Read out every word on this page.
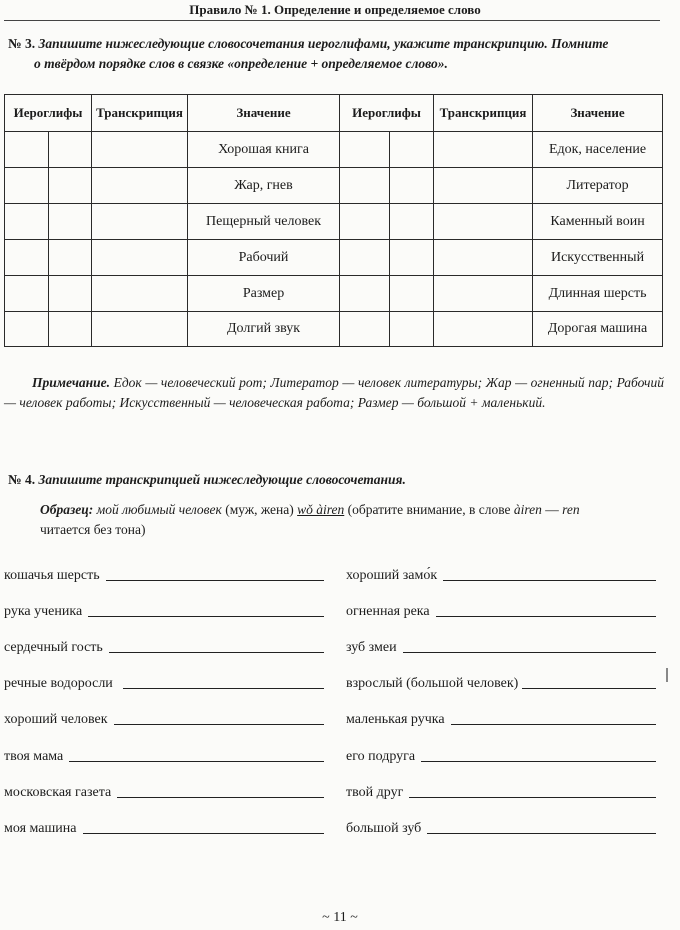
Правило № 1. Определение и определяемое слово
№ 3. Запишите нижеследующие словосочетания иероглифами, укажите транскрипцию. Помните
о твёрдом порядке слов в связке «определение + определяемое слово».
Иероглифы		Транскрипция	Значение	Иероглифы		Транскрипция	Значение
			Хорошая книга				Едок, население
			Жар, гнев				Литератор
			Пещерный человек				Каменный воин
			Рабочий				Искусственный
			Размер				Длинная шерсть
			Долгий звук				Дорогая машина
Примечание. Едок — человеческий рот; Литератор — человек литературы; Жар — огненный пар; Рабочий — человек работы; Искусственный — человеческая работа; Размер — большой + маленький.
№ 4. Запишите транскрипцией нижеследующие словосочетания.
Образец: мой любимый человек (муж, жена) wǒ àiren (обратите внимание, в слове àiren — ren
читается без тона)
кошачья шерсть
рука ученика
сердечный гость
речные водоросли
хороший человек
твоя мама
московская газета
моя машина
хороший замо́к
огненная река
зуб змеи
взрослый (большой человек)
маленькая ручка
его подруга
твой друг
большой зуб
~ 11 ~
